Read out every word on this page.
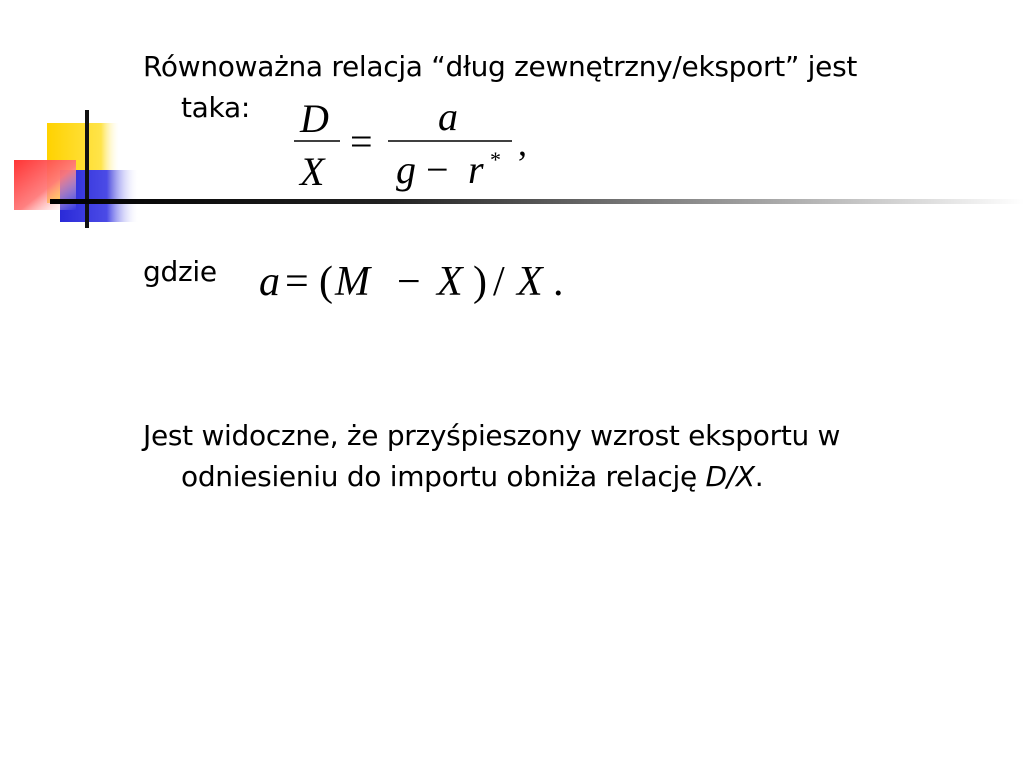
Równoważna relacja “dług zewnętrzny/eksport” jest
taka:	D
X
=
a
g − r * ,
gdzie a = ( M − X ) / X .
Jest widoczne, że przyśpieszony wzrost eksportu w
odniesieniu do importu obniża relację D/X.
